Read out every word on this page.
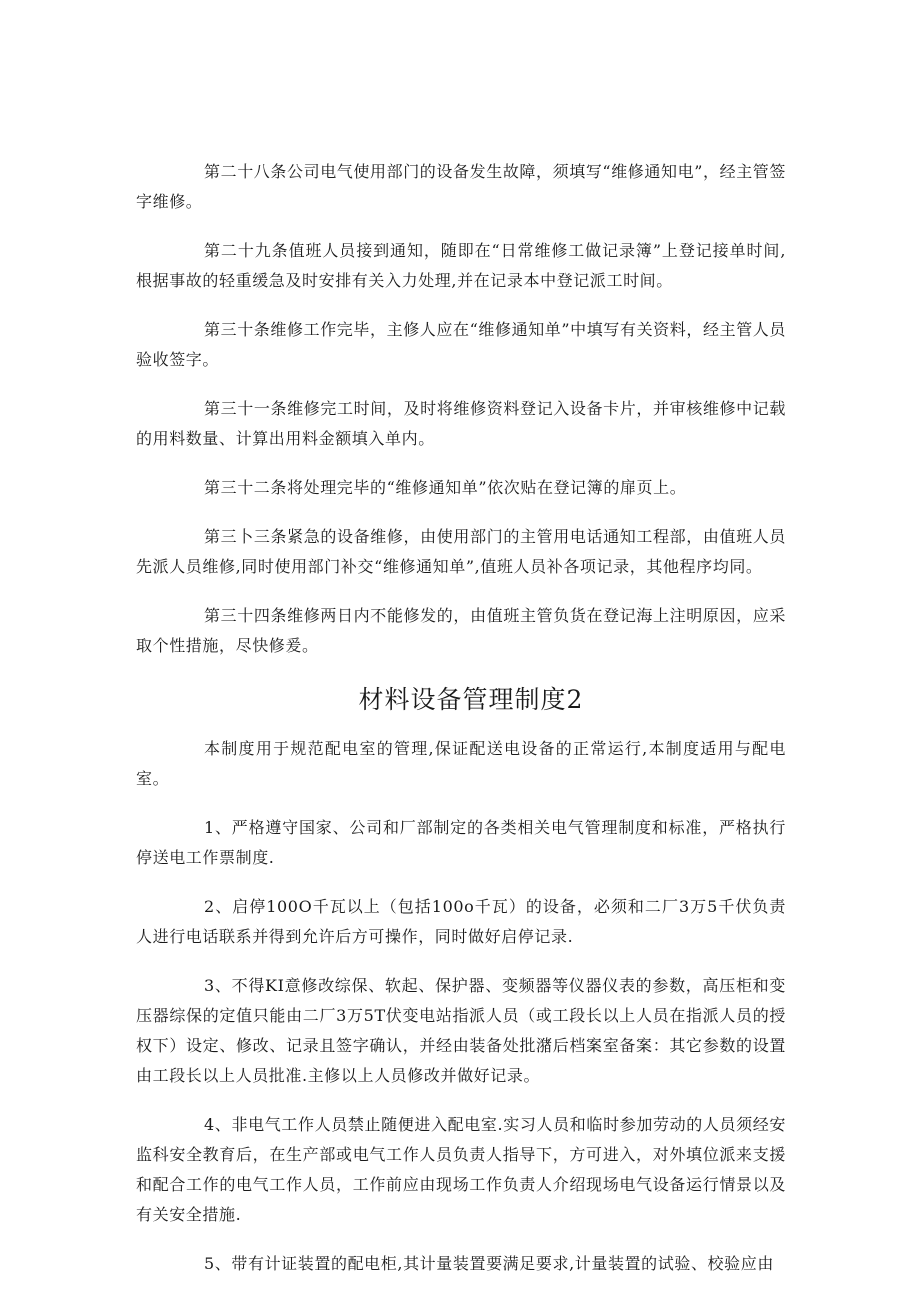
第二十八条公司电气使用部门的设备发生故障，须填写“维修通知电”，经主管签字维修。

第二十九条值班人员接到通知，随即在“日常维修工做记录簿”上登记接单时间,根据事故的轻重缓急及时安排有关入力处理,并在记录本中登记派工时间。

第三十条维修工作完毕，主修人应在“维修通知单”中填写有关资料，经主管人员验收签字。

第三十一条维修完工时间，及时将维修资料登记入设备卡片，并审核维修中记载的用料数量、计算出用料金额填入单内。

第三十二条将处理完毕的“维修通知单”依次贴在登记簿的扉页上。

第三卜三条紧急的设备维修，由使用部门的主管用电话通知工程部，由值班人员先派人员维修,同时使用部门补交“维修通知单”,值班人员补各项记录，其他程序均同。

第三十四条维修两日内不能修发的，由值班主管负货在登记海上注明原因，应采取个性措施，尽快修爰。

材料设备管理制度2

本制度用于规范配电室的管理,保证配送电设备的正常运行,本制度适用与配电室。

1、严格遵守国家、公司和厂部制定的各类相关电气管理制度和标准，严格执行停送电工作票制度.

2、启停100O千瓦以上（包括100o千瓦）的设备，必须和二厂3万5千伏负责人进行电话联系并得到允许后方可操作，同时做好启停记录.

3、不得KI意修改综保、软起、保护器、变频器等仪器仪表的参数，高压柜和变压器综保的定值只能由二厂3万5T伏变电站指派人员（或工段长以上人员在指派人员的授权下）设定、修改、记录且签字确认，并经由装备处批潴后档案室备案：其它参数的设置由工段长以上人员批准.主修以上人员修改并做好记录。

4、非电气工作人员禁止随便进入配电室.实习人员和临时参加劳动的人员须经安监科安全教育后，在生产部或电气工作人员负责人指导下，方可进入，对外填位派来支援和配合工作的电气工作人员，工作前应由现场工作负责人介绍现场电气设备运行情景以及有关安全措施.

5、带有计证装置的配电柜,其计量装置要满足要求,计量装置的试验、校验应由
